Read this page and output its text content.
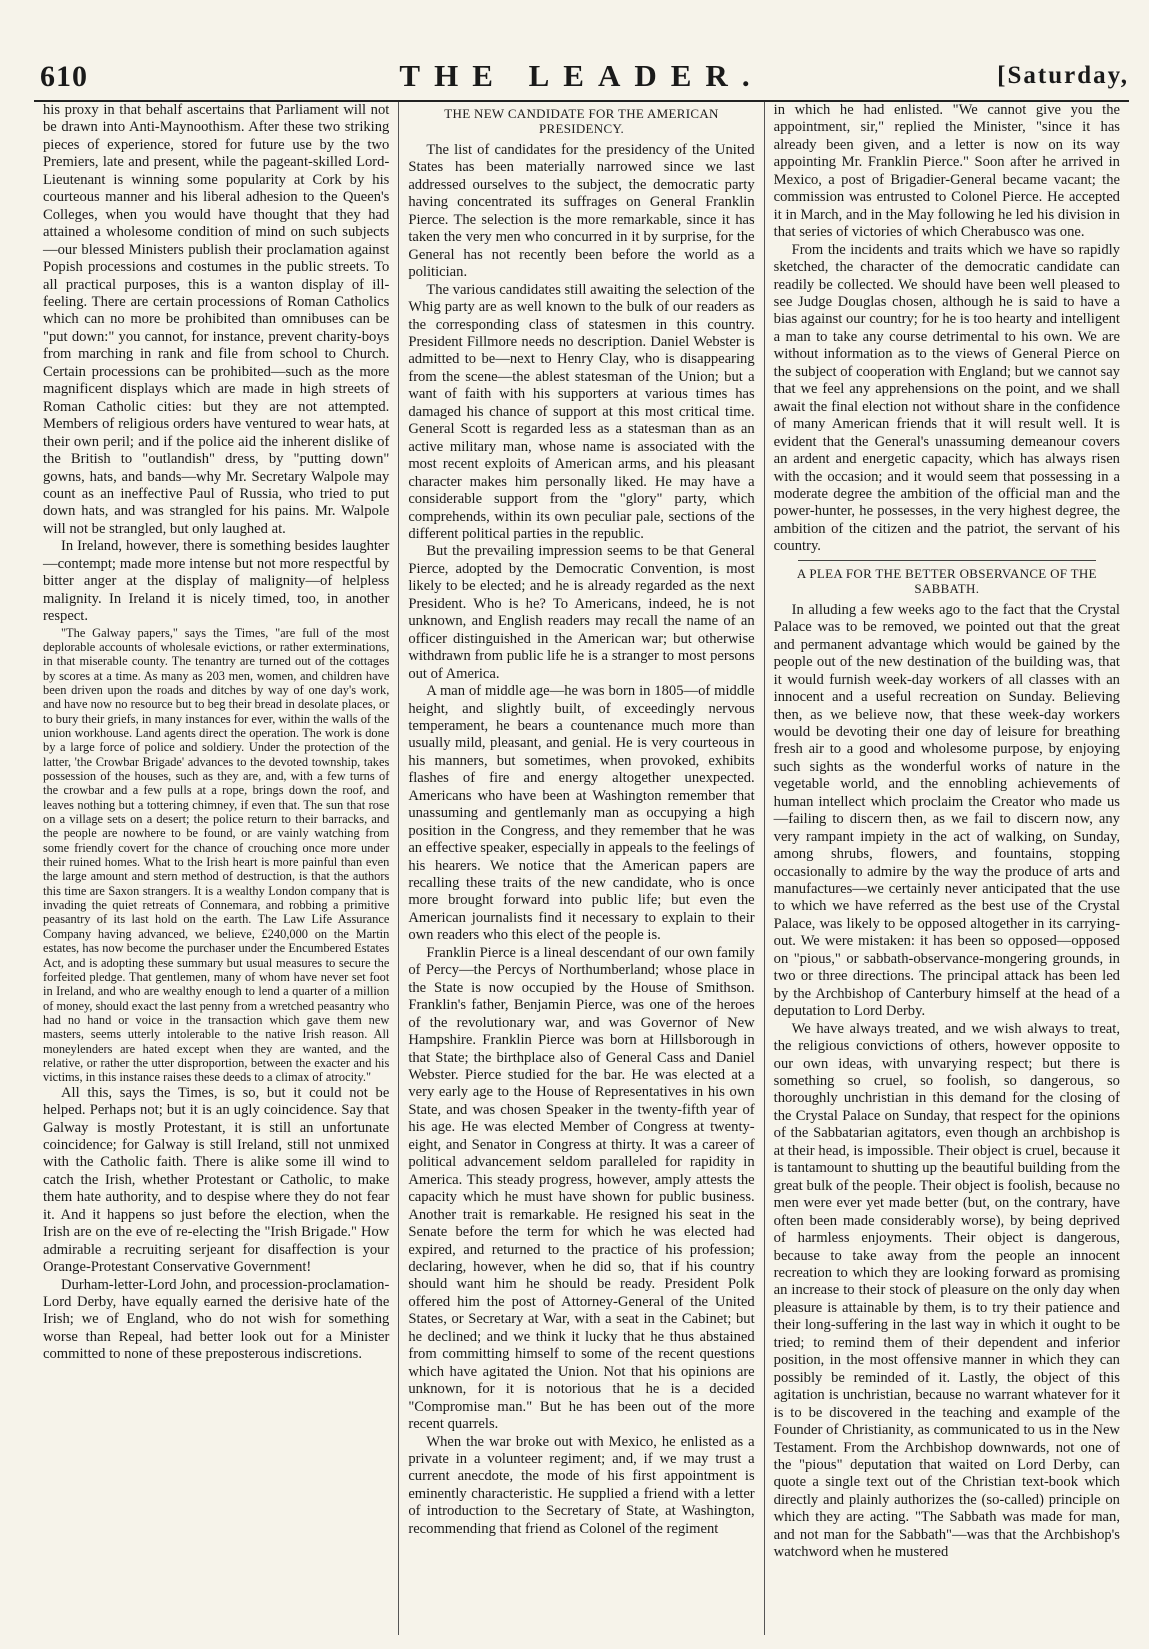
610	THE LEADER.	[Saturday,

his proxy in that behalf ascertains that Parliament will not be drawn into Anti-Maynoothism. After these two striking pieces of experience, stored for future use by the two Premiers, late and present, while the pageant-skilled Lord-Lieutenant is winning some popularity at Cork by his courteous manner and his liberal adhesion to the Queen's Colleges, when you would have thought that they had attained a wholesome condition of mind on such subjects—our blessed Ministers publish their proclamation against Popish processions and costumes in the public streets. To all practical purposes, this is a wanton display of ill-feeling. There are certain processions of Roman Catholics which can no more be prohibited than omnibuses can be "put down:" you cannot, for instance, prevent charity-boys from marching in rank and file from school to Church. Certain processions can be prohibited—such as the more magnificent displays which are made in high streets of Roman Catholic cities: but they are not attempted. Members of religious orders have ventured to wear hats, at their own peril; and if the police aid the inherent dislike of the British to "outlandish" dress, by "putting down" gowns, hats, and bands—why Mr. Secretary Walpole may count as an ineffective Paul of Russia, who tried to put down hats, and was strangled for his pains. Mr. Walpole will not be strangled, but only laughed at.

In Ireland, however, there is something besides laughter—contempt; made more intense but not more respectful by bitter anger at the display of malignity—of helpless malignity. In Ireland it is nicely timed, too, in another respect.

"The Galway papers," says the Times, "are full of the most deplorable accounts of wholesale evictions, or rather exterminations, in that miserable county. The tenantry are turned out of the cottages by scores at a time. As many as 203 men, women, and children have been driven upon the roads and ditches by way of one day's work, and have now no resource but to beg their bread in desolate places, or to bury their griefs, in many instances for ever, within the walls of the union workhouse. Land agents direct the operation. The work is done by a large force of police and soldiery. Under the protection of the latter, 'the Crowbar Brigade' advances to the devoted township, takes possession of the houses, such as they are, and, with a few turns of the crowbar and a few pulls at a rope, brings down the roof, and leaves nothing but a tottering chimney, if even that. The sun that rose on a village sets on a desert; the police return to their barracks, and the people are nowhere to be found, or are vainly watching from some friendly covert for the chance of crouching once more under their ruined homes. What to the Irish heart is more painful than even the large amount and stern method of destruction, is that the authors this time are Saxon strangers. It is a wealthy London company that is invading the quiet retreats of Connemara, and robbing a primitive peasantry of its last hold on the earth. The Law Life Assurance Company having advanced, we believe, £240,000 on the Martin estates, has now become the purchaser under the Encumbered Estates Act, and is adopting these summary but usual measures to secure the forfeited pledge. That gentlemen, many of whom have never set foot in Ireland, and who are wealthy enough to lend a quarter of a million of money, should exact the last penny from a wretched peasantry who had no hand or voice in the transaction which gave them new masters, seems utterly intolerable to the native Irish reason. All moneylenders are hated except when they are wanted, and the relative, or rather the utter disproportion, between the exacter and his victims, in this instance raises these deeds to a climax of atrocity."

All this, says the Times, is so, but it could not be helped. Perhaps not; but it is an ugly coincidence. Say that Galway is mostly Protestant, it is still an unfortunate coincidence; for Galway is still Ireland, still not unmixed with the Catholic faith. There is alike some ill wind to catch the Irish, whether Protestant or Catholic, to make them hate authority, and to despise where they do not fear it. And it happens so just before the election, when the Irish are on the eve of re-electing the "Irish Brigade." How admirable a recruiting serjeant for disaffection is your Orange-Protestant Conservative Government!

Durham-letter-Lord John, and procession-proclamation-Lord Derby, have equally earned the derisive hate of the Irish; we of England, who do not wish for something worse than Repeal, had better look out for a Minister committed to none of these preposterous indiscretions.

THE NEW CANDIDATE FOR THE AMERICAN PRESIDENCY.

The list of candidates for the presidency of the United States has been materially narrowed since we last addressed ourselves to the subject, the democratic party having concentrated its suffrages on General Franklin Pierce. The selection is the more remarkable, since it has taken the very men who concurred in it by surprise, for the General has not recently been before the world as a politician.

The various candidates still awaiting the selection of the Whig party are as well known to the bulk of our readers as the corresponding class of statesmen in this country. President Fillmore needs no description. Daniel Webster is admitted to be—next to Henry Clay, who is disappearing from the scene—the ablest statesman of the Union; but a want of faith with his supporters at various times has damaged his chance of support at this most critical time. General Scott is regarded less as a statesman than as an active military man, whose name is associated with the most recent exploits of American arms, and his pleasant character makes him personally liked. He may have a considerable support from the "glory" party, which comprehends, within its own peculiar pale, sections of the different political parties in the republic.

But the prevailing impression seems to be that General Pierce, adopted by the Democratic Convention, is most likely to be elected; and he is already regarded as the next President. Who is he? To Americans, indeed, he is not unknown, and English readers may recall the name of an officer distinguished in the American war; but otherwise withdrawn from public life he is a stranger to most persons out of America.

A man of middle age—he was born in 1805—of middle height, and slightly built, of exceedingly nervous temperament, he bears a countenance much more than usually mild, pleasant, and genial. He is very courteous in his manners, but sometimes, when provoked, exhibits flashes of fire and energy altogether unexpected. Americans who have been at Washington remember that unassuming and gentlemanly man as occupying a high position in the Congress, and they remember that he was an effective speaker, especially in appeals to the feelings of his hearers. We notice that the American papers are recalling these traits of the new candidate, who is once more brought forward into public life; but even the American journalists find it necessary to explain to their own readers who this elect of the people is.

Franklin Pierce is a lineal descendant of our own family of Percy—the Percys of Northumberland; whose place in the State is now occupied by the House of Smithson. Franklin's father, Benjamin Pierce, was one of the heroes of the revolutionary war, and was Governor of New Hampshire. Franklin Pierce was born at Hillsborough in that State; the birthplace also of General Cass and Daniel Webster. Pierce studied for the bar. He was elected at a very early age to the House of Representatives in his own State, and was chosen Speaker in the twenty-fifth year of his age. He was elected Member of Congress at twenty-eight, and Senator in Congress at thirty. It was a career of political advancement seldom paralleled for rapidity in America. This steady progress, however, amply attests the capacity which he must have shown for public business. Another trait is remarkable. He resigned his seat in the Senate before the term for which he was elected had expired, and returned to the practice of his profession; declaring, however, when he did so, that if his country should want him he should be ready. President Polk offered him the post of Attorney-General of the United States, or Secretary at War, with a seat in the Cabinet; but he declined; and we think it lucky that he thus abstained from committing himself to some of the recent questions which have agitated the Union. Not that his opinions are unknown, for it is notorious that he is a decided "Compromise man." But he has been out of the more recent quarrels.

When the war broke out with Mexico, he enlisted as a private in a volunteer regiment; and, if we may trust a current anecdote, the mode of his first appointment is eminently characteristic. He supplied a friend with a letter of introduction to the Secretary of State, at Washington, recommending that friend as Colonel of the regiment

in which he had enlisted. "We cannot give you the appointment, sir," replied the Minister, "since it has already been given, and a letter is now on its way appointing Mr. Franklin Pierce." Soon after he arrived in Mexico, a post of Brigadier-General became vacant; the commission was entrusted to Colonel Pierce. He accepted it in March, and in the May following he led his division in that series of victories of which Cherabusco was one.

From the incidents and traits which we have so rapidly sketched, the character of the democratic candidate can readily be collected. We should have been well pleased to see Judge Douglas chosen, although he is said to have a bias against our country; for he is too hearty and intelligent a man to take any course detrimental to his own. We are without information as to the views of General Pierce on the subject of cooperation with England; but we cannot say that we feel any apprehensions on the point, and we shall await the final election not without share in the confidence of many American friends that it will result well. It is evident that the General's unassuming demeanour covers an ardent and energetic capacity, which has always risen with the occasion; and it would seem that possessing in a moderate degree the ambition of the official man and the power-hunter, he possesses, in the very highest degree, the ambition of the citizen and the patriot, the servant of his country.

A PLEA FOR THE BETTER OBSERVANCE OF THE SABBATH.

In alluding a few weeks ago to the fact that the Crystal Palace was to be removed, we pointed out that the great and permanent advantage which would be gained by the people out of the new destination of the building was, that it would furnish week-day workers of all classes with an innocent and a useful recreation on Sunday. Believing then, as we believe now, that these week-day workers would be devoting their one day of leisure for breathing fresh air to a good and wholesome purpose, by enjoying such sights as the wonderful works of nature in the vegetable world, and the ennobling achievements of human intellect which proclaim the Creator who made us—failing to discern then, as we fail to discern now, any very rampant impiety in the act of walking, on Sunday, among shrubs, flowers, and fountains, stopping occasionally to admire by the way the produce of arts and manufactures—we certainly never anticipated that the use to which we have referred as the best use of the Crystal Palace, was likely to be opposed altogether in its carrying-out. We were mistaken: it has been so opposed—opposed on "pious," or sabbath-observance-mongering grounds, in two or three directions. The principal attack has been led by the Archbishop of Canterbury himself at the head of a deputation to Lord Derby.

We have always treated, and we wish always to treat, the religious convictions of others, however opposite to our own ideas, with unvarying respect; but there is something so cruel, so foolish, so dangerous, so thoroughly unchristian in this demand for the closing of the Crystal Palace on Sunday, that respect for the opinions of the Sabbatarian agitators, even though an archbishop is at their head, is impossible. Their object is cruel, because it is tantamount to shutting up the beautiful building from the great bulk of the people. Their object is foolish, because no men were ever yet made better (but, on the contrary, have often been made considerably worse), by being deprived of harmless enjoyments. Their object is dangerous, because to take away from the people an innocent recreation to which they are looking forward as promising an increase to their stock of pleasure on the only day when pleasure is attainable by them, is to try their patience and their long-suffering in the last way in which it ought to be tried; to remind them of their dependent and inferior position, in the most offensive manner in which they can possibly be reminded of it. Lastly, the object of this agitation is unchristian, because no warrant whatever for it is to be discovered in the teaching and example of the Founder of Christianity, as communicated to us in the New Testament. From the Archbishop downwards, not one of the "pious" deputation that waited on Lord Derby, can quote a single text out of the Christian text-book which directly and plainly authorizes the (so-called) principle on which they are acting. "The Sabbath was made for man, and not man for the Sabbath"—was that the Archbishop's watchword when he mustered
